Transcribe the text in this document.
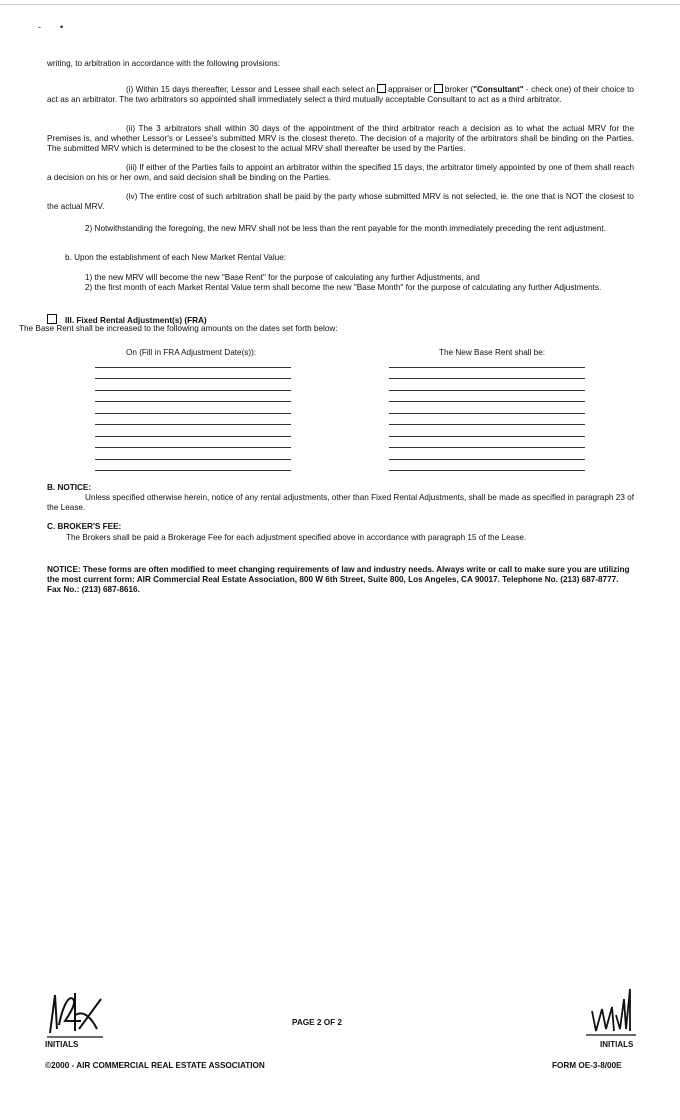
- •
writing, to arbitration in accordance with the following provisions:
(i) Within 15 days thereafter, Lessor and Lessee shall each select an appraiser or broker ("Consultant" - check one) of their choice to act as an arbitrator. The two arbitrators so appointed shall immediately select a third mutually acceptable Consultant to act as a third arbitrator.
(ii) The 3 arbitrators shall within 30 days of the appointment of the third arbitrator reach a decision as to what the actual MRV for the Premises is, and whether Lessor's or Lessee's submitted MRV is the closest thereto. The decision of a majority of the arbitrators shall be binding on the Parties. The submitted MRV which is determined to be the closest to the actual MRV shall thereafter be used by the Parties.
(iii) If either of the Parties fails to appoint an arbitrator within the specified 15 days, the arbitrator timely appointed by one of them shall reach a decision on his or her own, and said decision shall be binding on the Parties.
(iv) The entire cost of such arbitration shall be paid by the party whose submitted MRV is not selected, ie. the one that is NOT the closest to the actual MRV.
2) Notwithstanding the foregoing, the new MRV shall not be less than the rent payable for the month immediately preceding the rent adjustment.
b. Upon the establishment of each New Market Rental Value:
1) the new MRV will become the new "Base Rent" for the purpose of calculating any further Adjustments, and
2) the first month of each Market Rental Value term shall become the new "Base Month" for the purpose of calculating any further Adjustments.
III. Fixed Rental Adjustment(s) (FRA)
The Base Rent shall be increased to the following amounts on the dates set forth below:
On (Fill in FRA Adjustment Date(s)):	The New Base Rent shall be:
B. NOTICE:
Unless specified otherwise herein, notice of any rental adjustments, other than Fixed Rental Adjustments, shall be made as specified in paragraph 23 of the Lease.
C. BROKER'S FEE:
The Brokers shall be paid a Brokerage Fee for each adjustment specified above in accordance with paragraph 15 of the Lease.
NOTICE: These forms are often modified to meet changing requirements of law and industry needs. Always write or call to make sure you are utilizing the most current form: AIR Commercial Real Estate Association, 800 W 6th Street, Suite 800, Los Angeles, CA 90017. Telephone No. (213) 687-8777. Fax No.: (213) 687-8616.
INITIALS	INITIALS
PAGE 2 OF 2
©2000 - AIR COMMERCIAL REAL ESTATE ASSOCIATION	FORM OE-3-8/00E
